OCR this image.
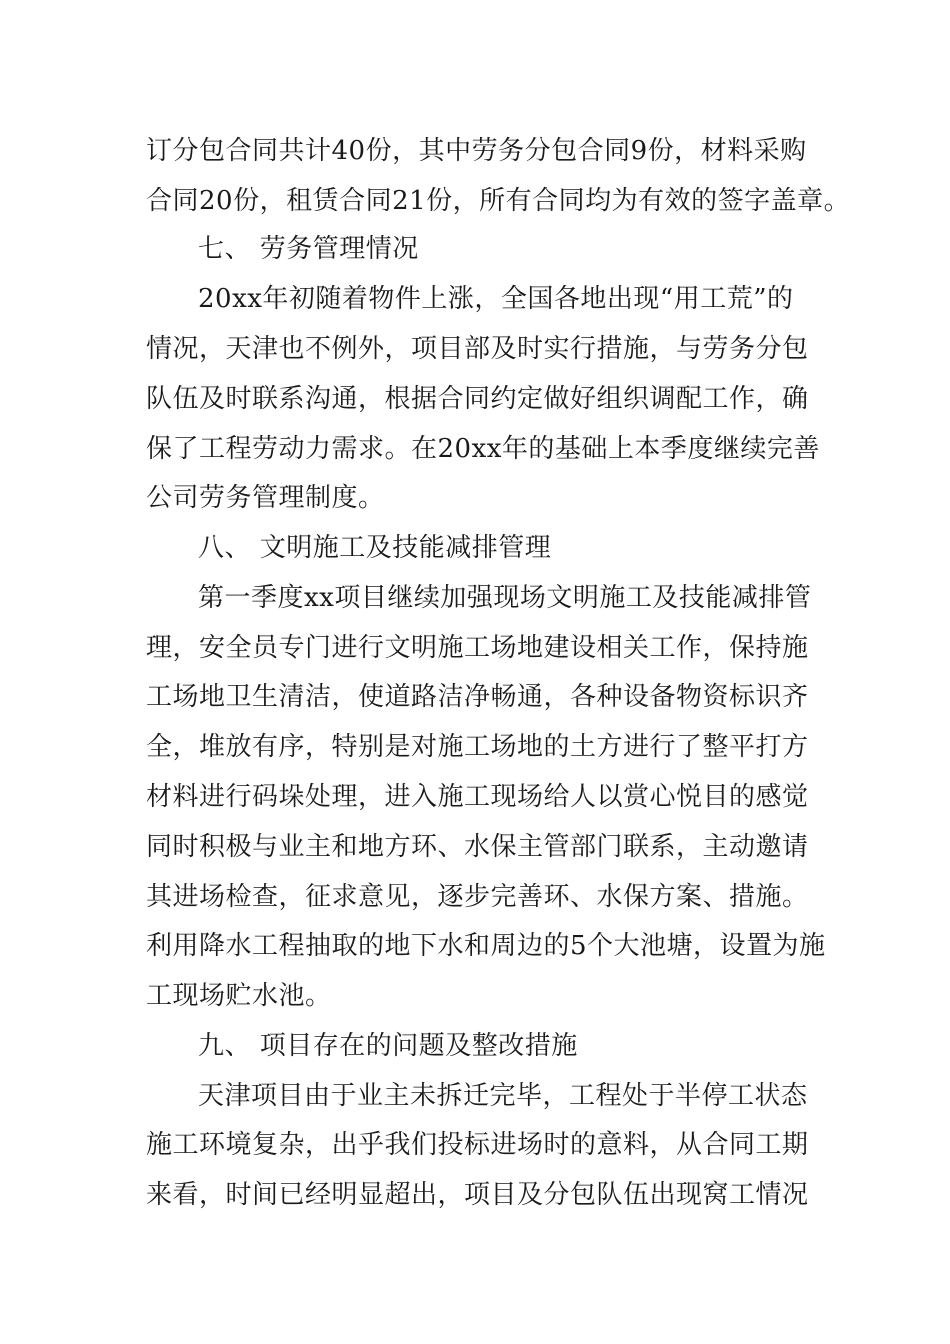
订分包合同共计40份，其中劳务分包合同9份，材料采购
合同20份，租赁合同21份，所有合同均为有效的签字盖章。
七、 劳务管理情况
20xx年初随着物件上涨，全国各地出现“用工荒”的
情况，天津也不例外，项目部及时实行措施，与劳务分包
队伍及时联系沟通，根据合同约定做好组织调配工作，确
保了工程劳动力需求。在20xx年的基础上本季度继续完善
公司劳务管理制度。
八、 文明施工及技能减排管理
第一季度xx项目继续加强现场文明施工及技能减排管
理，安全员专门进行文明施工场地建设相关工作，保持施
工场地卫生清洁，使道路洁净畅通，各种设备物资标识齐
全，堆放有序，特别是对施工场地的土方进行了整平打方
材料进行码垛处理，进入施工现场给人以赏心悦目的感觉
同时积极与业主和地方环、水保主管部门联系，主动邀请
其进场检查，征求意见，逐步完善环、水保方案、措施。
利用降水工程抽取的地下水和周边的5个大池塘，设置为施
工现场贮水池。
九、 项目存在的问题及整改措施
天津项目由于业主未拆迁完毕，工程处于半停工状态
施工环境复杂，出乎我们投标进场时的意料，从合同工期
来看，时间已经明显超出，项目及分包队伍出现窝工情况
